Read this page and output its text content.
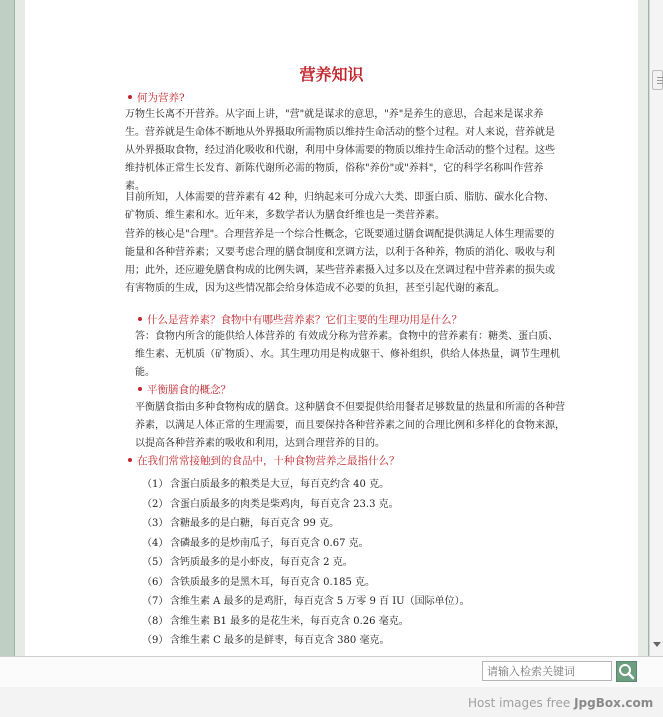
营养知识
何为营养?
万物生长离不开营养。从字面上讲，"营"就是谋求的意思，"养"是养生的意思，合起来是谋求养生。营养就是生命体不断地从外界摄取所需物质以维持生命活动的整个过程。对人来说，营养就是从外界摄取食物，经过消化吸收和代谢，利用中身体需要的物质以维持生命活动的整个过程。这些维持机体正常生长发育、新陈代谢所必需的物质，俗称"养份"或"养料"，它的科学名称叫作营养素。
目前所知，人体需要的营养素有 42 种，归纳起来可分成六大类、即蛋白质、脂肪、碳水化合物、矿物质、维生素和水。近年来，多数学者认为膳食纤维也是一类营养素。
营养的核心是"合理"。合理营养是一个综合性概念，它既要通过膳食调配提供满足人体生理需要的能量和各种营养素；又要考虑合理的膳食制度和烹调方法，以利于各种养，物质的消化、吸收与利用；此外，还应避免膳食构成的比例失调，某些营养素摄入过多以及在烹调过程中营养素的损失或有害物质的生成，因为这些情况都会给身体造成不必要的负担，甚至引起代谢的紊乱。
什么是营养素？食物中有哪些营养素？它们主要的生理功用是什么？
答：食物内所含的能供给人体营养的 有效成分称为营养素。食物中的营养素有：糖类、蛋白质、维生素、无机质（矿物质）、水。其生理功用是构成躯干、修补组织，供给人体热量，调节生理机能。
平衡膳食的概念？
平衡膳食指由多种食物构成的膳食。这种膳食不但要提供给用餐者足够数量的热量和所需的各种营养素，以满足人体正常的生理需要，而且要保持各种营养素之间的合理比例和多样化的食物来源，以提高各种营养素的吸收和利用，达到合理营养的目的。
在我们常常接触到的食品中，十种食物营养之最指什么？
（1） 含蛋白质最多的粮类是大豆，每百克约含 40 克。
（2） 含蛋白质最多的肉类是柴鸡肉，每百克含 23.3 克。
（3） 含糖最多的是白糖，每百克含 99 克。
（4） 含磷最多的是炒南瓜子，每百克含 0.67 克。
（5） 含钙质最多的是小虾皮，每百克含 2 克。
（6） 含铁质最多的是黑木耳，每百克含 0.185 克。
（7） 含维生素 A 最多的是鸡肝，每百克含 5 万零 9 百 IU（国际单位）。
（8） 含维生素 B1 最多的是花生米，每百克含 0.26 毫克。
（9） 含维生素 C 最多的是鲜枣，每百克含 380 毫克。
请输入检索关键词
Host images free JpgBox.com
